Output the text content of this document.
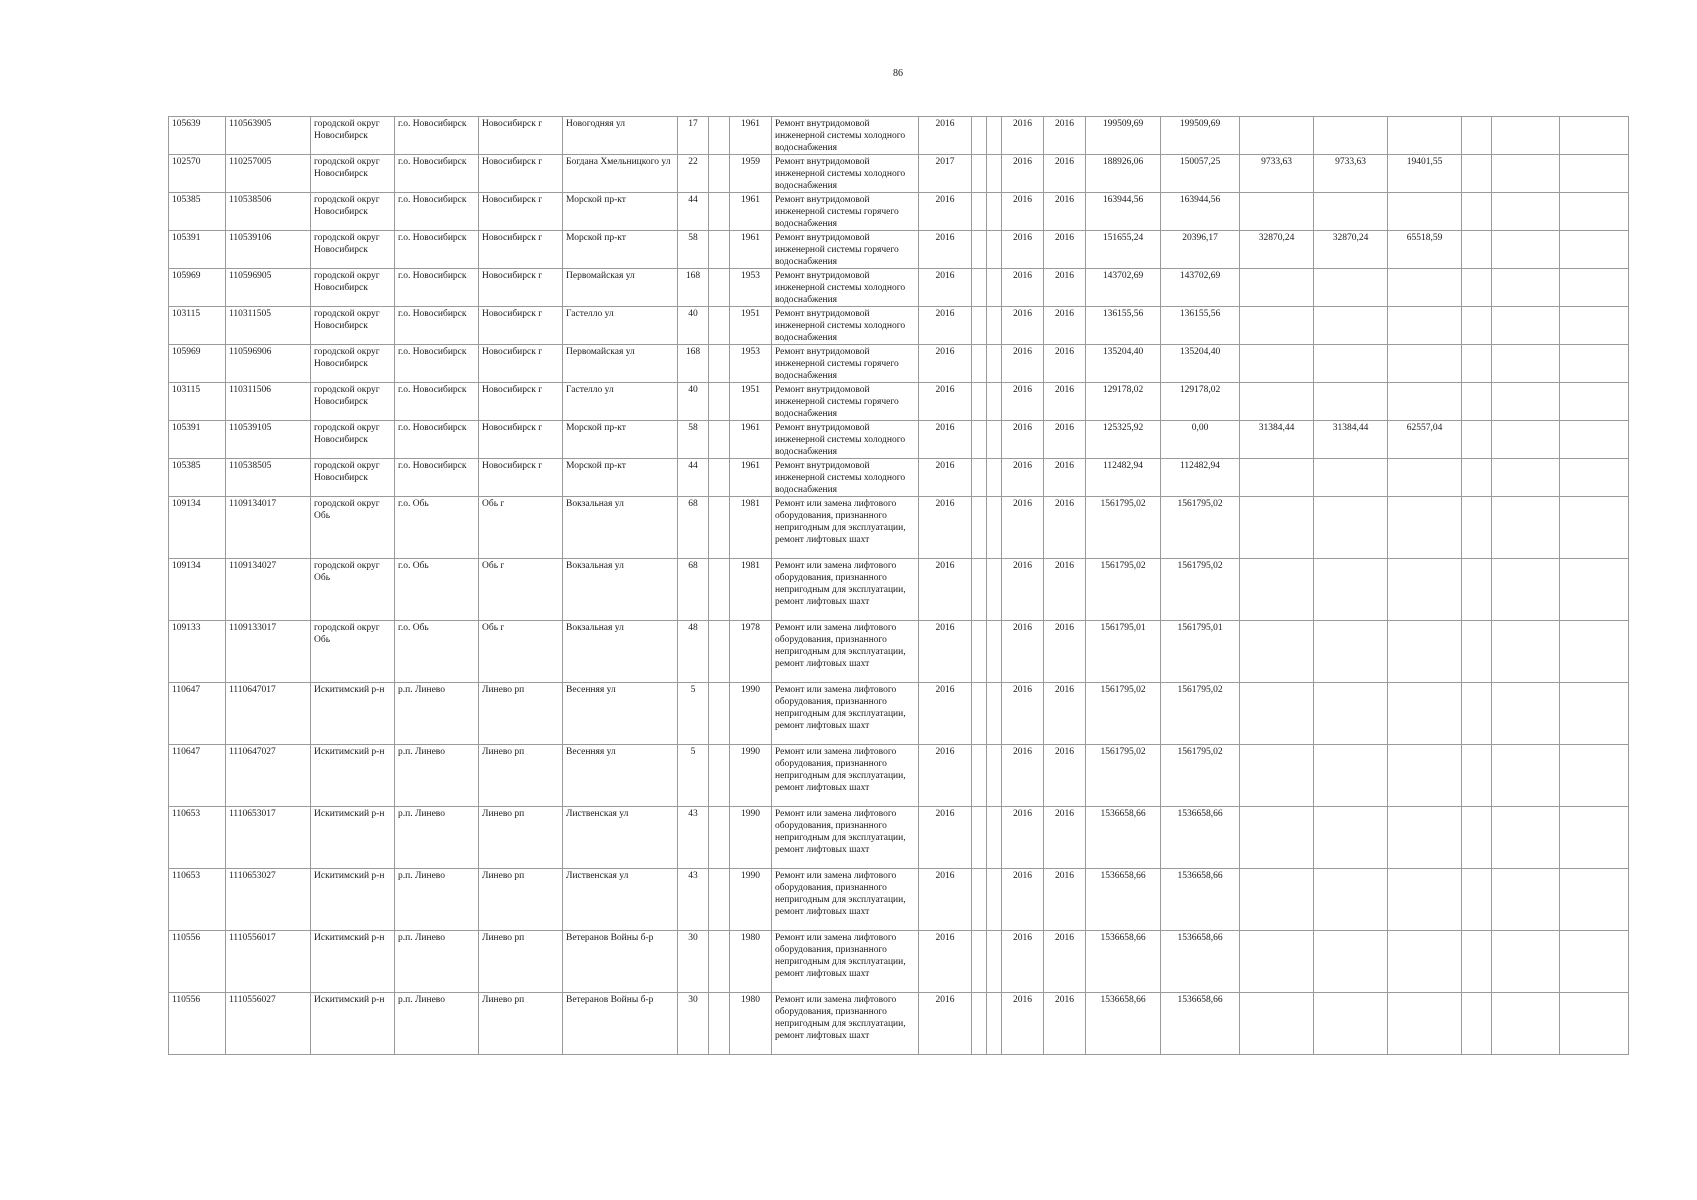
86
105639	110563905	городской округ Новосибирск	г.о. Новосибирск	Новосибирск г	Новогодняя ул	17		1961	Ремонт внутридомовой инженерной системы холодного водоснабжения	2016			2016	2016	199509,69	199509,69						
102570	110257005	городской округ Новосибирск	г.о. Новосибирск	Новосибирск г	Богдана Хмельницкого ул	22		1959	Ремонт внутридомовой инженерной системы холодного водоснабжения	2017			2016	2016	188926,06	150057,25	9733,63	9733,63	19401,55			
105385	110538506	городской округ Новосибирск	г.о. Новосибирск	Новосибирск г	Морской пр-кт	44		1961	Ремонт внутридомовой инженерной системы горячего водоснабжения	2016			2016	2016	163944,56	163944,56						
105391	110539106	городской округ Новосибирск	г.о. Новосибирск	Новосибирск г	Морской пр-кт	58		1961	Ремонт внутридомовой инженерной системы горячего водоснабжения	2016			2016	2016	151655,24	20396,17	32870,24	32870,24	65518,59			
105969	110596905	городской округ Новосибирск	г.о. Новосибирск	Новосибирск г	Первомайская ул	168		1953	Ремонт внутридомовой инженерной системы холодного водоснабжения	2016			2016	2016	143702,69	143702,69						
103115	110311505	городской округ Новосибирск	г.о. Новосибирск	Новосибирск г	Гастелло ул	40		1951	Ремонт внутридомовой инженерной системы холодного водоснабжения	2016			2016	2016	136155,56	136155,56						
105969	110596906	городской округ Новосибирск	г.о. Новосибирск	Новосибирск г	Первомайская ул	168		1953	Ремонт внутридомовой инженерной системы горячего водоснабжения	2016			2016	2016	135204,40	135204,40						
103115	110311506	городской округ Новосибирск	г.о. Новосибирск	Новосибирск г	Гастелло ул	40		1951	Ремонт внутридомовой инженерной системы горячего водоснабжения	2016			2016	2016	129178,02	129178,02						
105391	110539105	городской округ Новосибирск	г.о. Новосибирск	Новосибирск г	Морской пр-кт	58		1961	Ремонт внутридомовой инженерной системы холодного водоснабжения	2016			2016	2016	125325,92	0,00	31384,44	31384,44	62557,04			
105385	110538505	городской округ Новосибирск	г.о. Новосибирск	Новосибирск г	Морской пр-кт	44		1961	Ремонт внутридомовой инженерной системы холодного водоснабжения	2016			2016	2016	112482,94	112482,94						
109134	1109134017	городской округ Обь	г.о. Обь	Обь г	Вокзальная ул	68		1981	Ремонт или замена лифтового оборудования, признанного непригодным для эксплуатации, ремонт лифтовых шахт	2016			2016	2016	1561795,02	1561795,02						
109134	1109134027	городской округ Обь	г.о. Обь	Обь г	Вокзальная ул	68		1981	Ремонт или замена лифтового оборудования, признанного непригодным для эксплуатации, ремонт лифтовых шахт	2016			2016	2016	1561795,02	1561795,02						
109133	1109133017	городской округ Обь	г.о. Обь	Обь г	Вокзальная ул	48		1978	Ремонт или замена лифтового оборудования, признанного непригодным для эксплуатации, ремонт лифтовых шахт	2016			2016	2016	1561795,01	1561795,01						
110647	1110647017	Искитимский р-н	р.п. Линево	Линево рп	Весенняя ул	5		1990	Ремонт или замена лифтового оборудования, признанного непригодным для эксплуатации, ремонт лифтовых шахт	2016			2016	2016	1561795,02	1561795,02						
110647	1110647027	Искитимский р-н	р.п. Линево	Линево рп	Весенняя ул	5		1990	Ремонт или замена лифтового оборудования, признанного непригодным для эксплуатации, ремонт лифтовых шахт	2016			2016	2016	1561795,02	1561795,02						
110653	1110653017	Искитимский р-н	р.п. Линево	Линево рп	Лиственская ул	43		1990	Ремонт или замена лифтового оборудования, признанного непригодным для эксплуатации, ремонт лифтовых шахт	2016			2016	2016	1536658,66	1536658,66						
110653	1110653027	Искитимский р-н	р.п. Линево	Линево рп	Лиственская ул	43		1990	Ремонт или замена лифтового оборудования, признанного непригодным для эксплуатации, ремонт лифтовых шахт	2016			2016	2016	1536658,66	1536658,66						
110556	1110556017	Искитимский р-н	р.п. Линево	Линево рп	Ветеранов Войны б-р	30		1980	Ремонт или замена лифтового оборудования, признанного непригодным для эксплуатации, ремонт лифтовых шахт	2016			2016	2016	1536658,66	1536658,66						
110556	1110556027	Искитимский р-н	р.п. Линево	Линево рп	Ветеранов Войны б-р	30		1980	Ремонт или замена лифтового оборудования, признанного непригодным для эксплуатации, ремонт лифтовых шахт	2016			2016	2016	1536658,66	1536658,66						
